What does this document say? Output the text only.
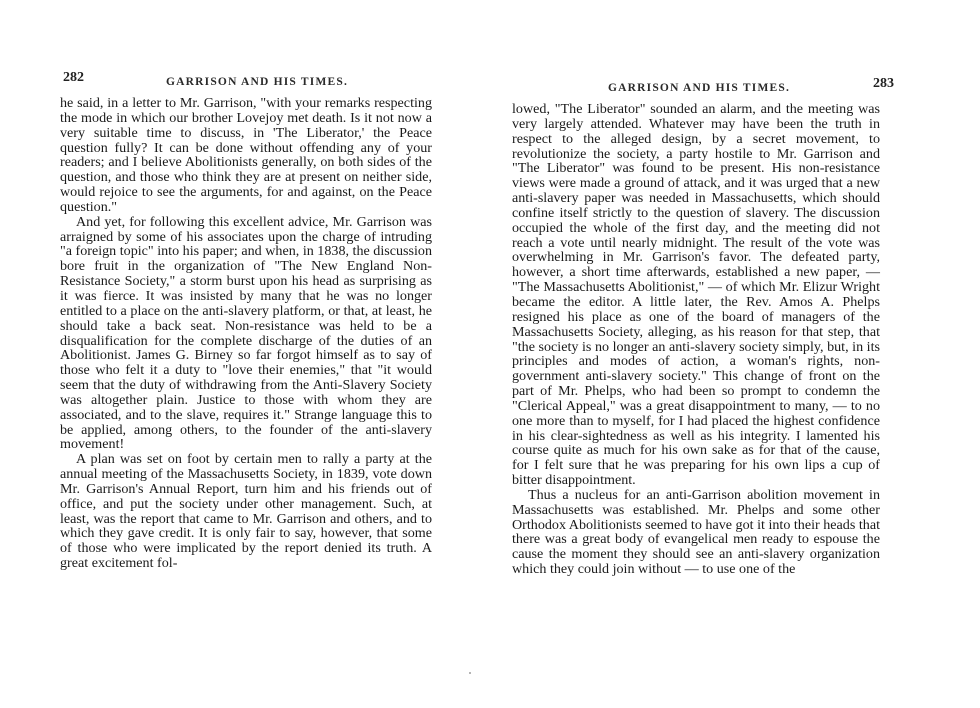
282	GARRISON AND HIS TIMES.

he said, in a letter to Mr. Garrison, "with your remarks respecting the mode in which our brother Lovejoy met death. Is it not now a very suitable time to discuss, in 'The Liberator,' the Peace question fully? It can be done without offending any of your readers; and I believe Abolitionists generally, on both sides of the question, and those who think they are at present on neither side, would rejoice to see the arguments, for and against, on the Peace question."

And yet, for following this excellent advice, Mr. Garrison was arraigned by some of his associates upon the charge of intruding "a foreign topic" into his paper; and when, in 1838, the discussion bore fruit in the organization of "The New England Non-Resistance Society," a storm burst upon his head as surprising as it was fierce. It was insisted by many that he was no longer entitled to a place on the anti-slavery platform, or that, at least, he should take a back seat. Non-resistance was held to be a disqualification for the complete discharge of the duties of an Abolitionist. James G. Birney so far forgot himself as to say of those who felt it a duty to "love their enemies," that "it would seem that the duty of withdrawing from the Anti-Slavery Society was altogether plain. Justice to those with whom they are associated, and to the slave, requires it." Strange language this to be applied, among others, to the founder of the anti-slavery movement!

A plan was set on foot by certain men to rally a party at the annual meeting of the Massachusetts Society, in 1839, vote down Mr. Garrison's Annual Report, turn him and his friends out of office, and put the society under other management. Such, at least, was the report that came to Mr. Garrison and others, and to which they gave credit. It is only fair to say, however, that some of those who were implicated by the report denied its truth. A great excitement fol-

GARRISON AND HIS TIMES.	283

lowed, "The Liberator" sounded an alarm, and the meeting was very largely attended. Whatever may have been the truth in respect to the alleged design, by a secret movement, to revolutionize the society, a party hostile to Mr. Garrison and "The Liberator" was found to be present. His non-resistance views were made a ground of attack, and it was urged that a new anti-slavery paper was needed in Massachusetts, which should confine itself strictly to the question of slavery. The discussion occupied the whole of the first day, and the meeting did not reach a vote until nearly midnight. The result of the vote was overwhelming in Mr. Garrison's favor. The defeated party, however, a short time afterwards, established a new paper, — "The Massachusetts Abolitionist," — of which Mr. Elizur Wright became the editor. A little later, the Rev. Amos A. Phelps resigned his place as one of the board of managers of the Massachusetts Society, alleging, as his reason for that step, that "the society is no longer an anti-slavery society simply, but, in its principles and modes of action, a woman's rights, non-government anti-slavery society." This change of front on the part of Mr. Phelps, who had been so prompt to condemn the "Clerical Appeal," was a great disappointment to many, — to no one more than to myself, for I had placed the highest confidence in his clear-sightedness as well as his integrity. I lamented his course quite as much for his own sake as for that of the cause, for I felt sure that he was preparing for his own lips a cup of bitter disappointment.

Thus a nucleus for an anti-Garrison abolition movement in Massachusetts was established. Mr. Phelps and some other Orthodox Abolitionists seemed to have got it into their heads that there was a great body of evangelical men ready to espouse the cause the moment they should see an anti-slavery organization which they could join without — to use one of the
